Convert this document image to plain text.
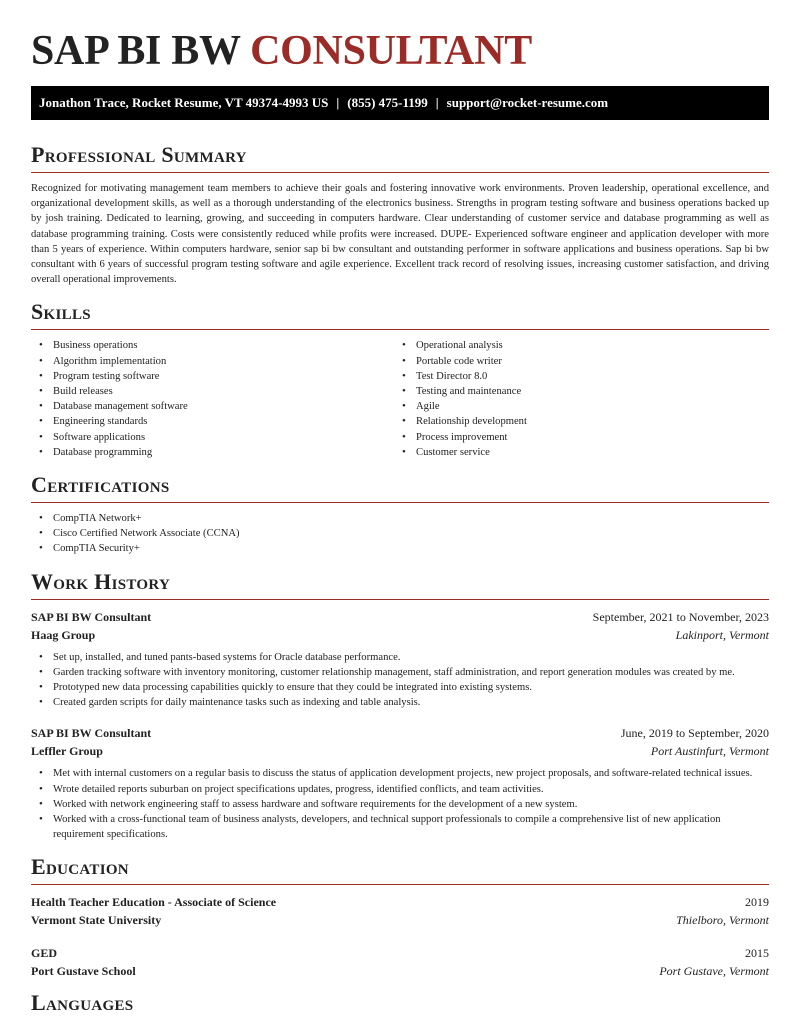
SAP BI BW CONSULTANT
Jonathon Trace, Rocket Resume, VT 49374-4993 US | (855) 475-1199 | support@rocket-resume.com
Professional Summary

Recognized for motivating management team members to achieve their goals and fostering innovative work environments. Proven leadership, operational excellence, and organizational development skills, as well as a thorough understanding of the electronics business. Strengths in program testing software and business operations backed up by josh training. Dedicated to learning, growing, and succeeding in computers hardware. Clear understanding of customer service and database programming as well as database programming training. Costs were consistently reduced while profits were increased. DUPE- Experienced software engineer and application developer with more than 5 years of experience. Within computers hardware, senior sap bi bw consultant and outstanding performer in software applications and business operations. Sap bi bw consultant with 6 years of successful program testing software and agile experience. Excellent track record of resolving issues, increasing customer satisfaction, and driving overall operational improvements.

Skills
• Business operations
• Algorithm implementation
• Program testing software
• Build releases
• Database management software
• Engineering standards
• Software applications
• Database programming
• Operational analysis
• Portable code writer
• Test Director 8.0
• Testing and maintenance
• Agile
• Relationship development
• Process improvement
• Customer service
Certifications
• CompTIA Network+
• Cisco Certified Network Associate (CCNA)
• CompTIA Security+
Work History
SAP BI BW Consultant	September, 2021 to November, 2023
Haag Group	Lakinport, Vermont
• Set up, installed, and tuned pants-based systems for Oracle database performance.
• Garden tracking software with inventory monitoring, customer relationship management, staff administration, and report generation modules was created by me.
• Prototyped new data processing capabilities quickly to ensure that they could be integrated into existing systems.
• Created garden scripts for daily maintenance tasks such as indexing and table analysis.
SAP BI BW Consultant	June, 2019 to September, 2020
Leffler Group	Port Austinfurt, Vermont
• Met with internal customers on a regular basis to discuss the status of application development projects, new project proposals, and software-related technical issues.
• Wrote detailed reports suburban on project specifications updates, progress, identified conflicts, and team activities.
• Worked with network engineering staff to assess hardware and software requirements for the development of a new system.
• Worked with a cross-functional team of business analysts, developers, and technical support professionals to compile a comprehensive list of new application requirement specifications.
Education
Health Teacher Education - Associate of Science	2019
Vermont State University	Thielboro, Vermont
GED	2015
Port Gustave School	Port Gustave, Vermont
Languages
